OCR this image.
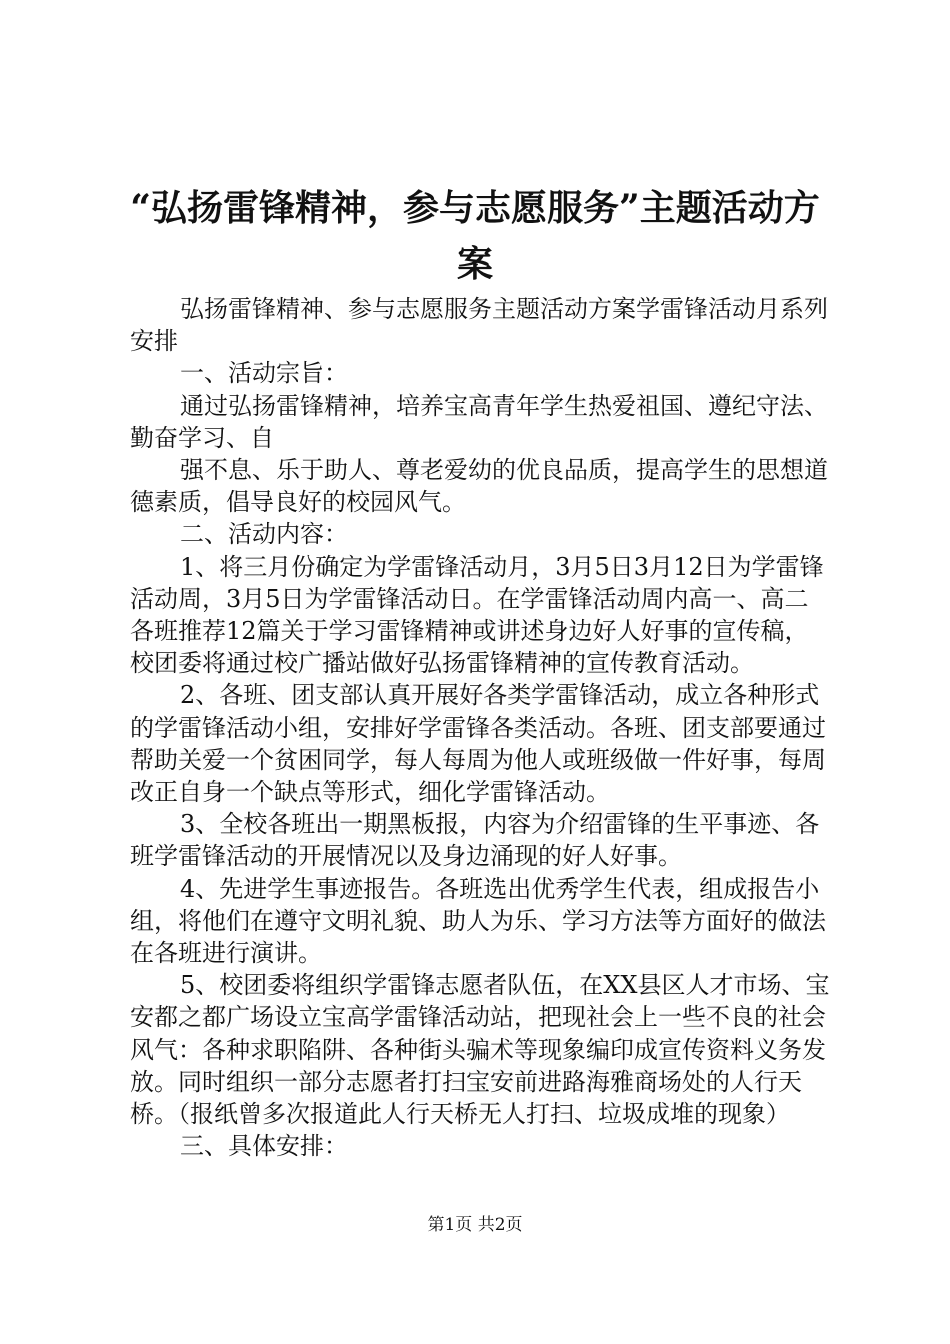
“弘扬雷锋精神，参与志愿服务”主题活动方案

弘扬雷锋精神、参与志愿服务主题活动方案学雷锋活动月系列安排

一、活动宗旨：

通过弘扬雷锋精神，培养宝高青年学生热爱祖国、遵纪守法、勤奋学习、自

强不息、乐于助人、尊老爱幼的优良品质，提高学生的思想道德素质，倡导良好的校园风气。

二、活动内容：

1、将三月份确定为学雷锋活动月，3月5日3月12日为学雷锋活动周，3月5日为学雷锋活动日。在学雷锋活动周内高一、高二各班推荐12篇关于学习雷锋精神或讲述身边好人好事的宣传稿，校团委将通过校广播站做好弘扬雷锋精神的宣传教育活动。

2、各班、团支部认真开展好各类学雷锋活动，成立各种形式的学雷锋活动小组，安排好学雷锋各类活动。各班、团支部要通过帮助关爱一个贫困同学，每人每周为他人或班级做一件好事，每周改正自身一个缺点等形式，细化学雷锋活动。

3、全校各班出一期黑板报，内容为介绍雷锋的生平事迹、各班学雷锋活动的开展情况以及身边涌现的好人好事。

4、先进学生事迹报告。各班选出优秀学生代表，组成报告小组，将他们在遵守文明礼貌、助人为乐、学习方法等方面好的做法在各班进行演讲。

5、校团委将组织学雷锋志愿者队伍，在XX县区人才市场、宝安都之都广场设立宝高学雷锋活动站，把现社会上一些不良的社会风气：各种求职陷阱、各种街头骗术等现象编印成宣传资料义务发放。同时组织一部分志愿者打扫宝安前进路海雅商场处的人行天桥。（报纸曾多次报道此人行天桥无人打扫、垃圾成堆的现象）

三、具体安排：

第1页 共2页
